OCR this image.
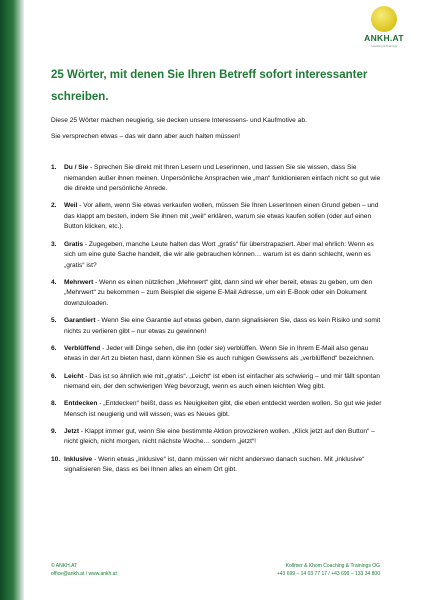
ANKH.AT
Coaching & Trainings
25 Wörter, mit denen Sie Ihren Betreff sofort interessanter schreiben.
Diese 25 Wörter machen neugierig, sie decken unsere Interessens- und Kaufmotive ab.
Sie versprechen etwas – das wir dann aber auch halten müssen!
1.	Du / Sie - Sprechen Sie direkt mit Ihren Lesern und Leserinnen, und lassen Sie sie wissen, dass Sie niemanden außer ihnen meinen. Unpersönliche Ansprachen wie „man“ funktionieren einfach nicht so gut wie die direkte und persönliche Anrede.
2.	Weil - Vor allem, wenn Sie etwas verkaufen wollen, müssen Sie Ihren LeserInnen einen Grund geben – und das klappt am besten, indem Sie ihnen mit „weil“ erklären, warum sie etwas kaufen sollen (oder auf einen Button klicken, etc.).
3.	Gratis - Zugegeben, manche Leute halten das Wort „gratis“ für überstrapaziert. Aber mal ehrlich: Wenn es sich um eine gute Sache handelt, die wir alle gebrauchen können… warum ist es dann schlecht, wenn es „gratis“ ist?
4.	Mehrwert - Wenn es einen nützlichen „Mehrwert“ gibt, dann sind wir eher bereit, etwas zu geben, um den „Mehrwert“ zu bekommen – zum Beispiel die eigene E-Mail Adresse, um ein E-Book oder ein Dokument downzuloaden.
5.	Garantiert - Wenn Sie eine Garantie auf etwas geben, dann signalisieren Sie, dass es kein Risiko und somit nichts zu verlieren gibt – nur etwas zu gewinnen!
6.	Verblüffend - Jeder will Dinge sehen, die ihn (oder sie) verblüffen. Wenn Sie in Ihrem E-Mail also genau etwas in der Art zu bieten hast, dann können Sie es auch ruhigen Gewissens als „verblüffend“ bezeichnen.
6.	Leicht - Das ist so ähnlich wie mit „gratis“. „Leicht“ ist eben ist einfacher als schwierig – und mir fällt spontan niemand ein, der den schwierigen Weg bevorzugt, wenn es auch einen leichten Weg gibt.
8.	Entdecken - „Entdecken“ heißt, dass es Neuigkeiten gibt, die eben entdeckt werden wollen. So gut wie jeder Mensch ist neugierig und will wissen, was es Neues gibt.
9.	Jetzt - Klappt immer gut, wenn Sie eine bestimmte Aktion provozieren wollen. „Klick jetzt auf den Button“ – nicht gleich, nicht morgen, nicht nächste Woche… sondern „jetzt“!
10. Inklusive - Wenn etwas „inklusive“ ist, dann müssen wir nicht anderswo danach suchen. Mit „inklusive“ signalisieren Sie, dass es bei Ihnen alles an einem Ort gibt.
© ANKH.AT
office@ankh.at / www.ankh.at
Kollmer & Khom Coaching & Trainings OG
+43 699 – 14 03 77 17 / +43 699 – 133 34 800
